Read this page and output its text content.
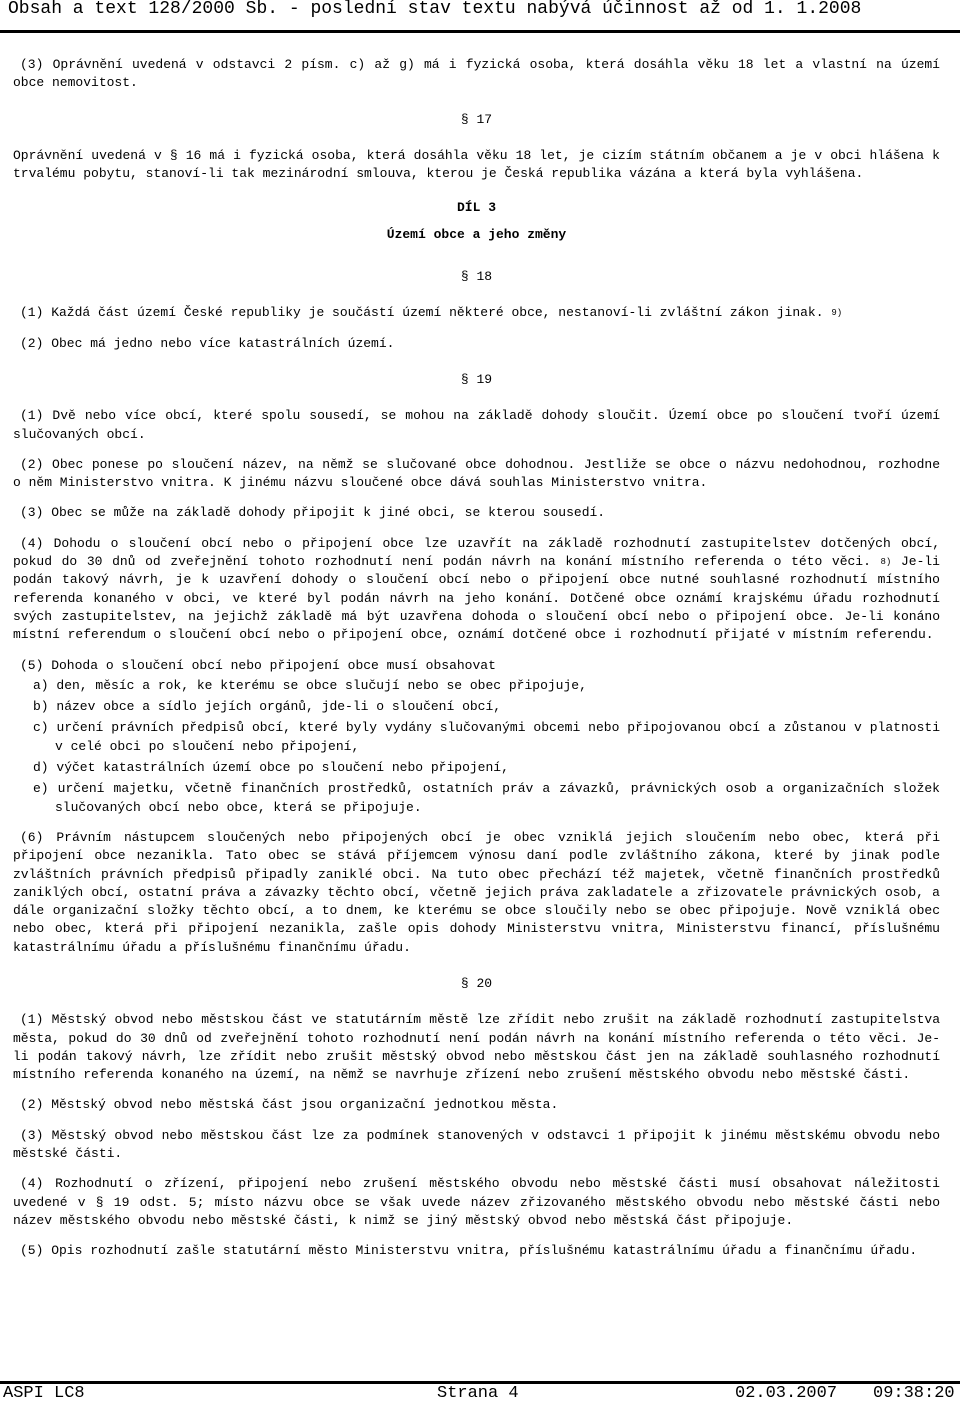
Obsah a text 128/2000 Sb. - poslední stav textu nabývá účinnost až od 1. 1.2008

(3) Oprávnění uvedená v odstavci 2 písm. c) až g) má i fyzická osoba, která dosáhla věku 18 let a vlastní na území obce nemovitost.

§ 17

Oprávnění uvedená v § 16 má i fyzická osoba, která dosáhla věku 18 let, je cizím státním občanem a je v obci hlášena k trvalému pobytu, stanoví-li tak mezinárodní smlouva, kterou je Česká republika vázána a která byla vyhlášena.

DÍL 3
Území obce a jeho změny
§ 18

(1) Každá část území České republiky je součástí území některé obce, nestanoví-li zvláštní zákon jinak. 9)

(2) Obec má jedno nebo více katastrálních území.

§ 19

(1) Dvě nebo více obcí, které spolu sousedí, se mohou na základě dohody sloučit. Území obce po sloučení tvoří území slučovaných obcí.

(2) Obec ponese po sloučení název, na němž se slučované obce dohodnou. Jestliže se obce o názvu nedohodnou, rozhodne o něm Ministerstvo vnitra. K jinému názvu sloučené obce dává souhlas Ministerstvo vnitra.

(3) Obec se může na základě dohody připojit k jiné obci, se kterou sousedí.

(4) Dohodu o sloučení obcí nebo o připojení obce lze uzavřít na základě rozhodnutí zastupitelstev dotčených obcí, pokud do 30 dnů od zveřejnění tohoto rozhodnutí není podán návrh na konání místního referenda o této věci. 8) Je-li podán takový návrh, je k uzavření dohody o sloučení obcí nebo o připojení obce nutné souhlasné rozhodnutí místního referenda konaného v obci, ve které byl podán návrh na jeho konání. Dotčené obce oznámí krajskému úřadu rozhodnutí svých zastupitelstev, na jejichž základě má být uzavřena dohoda o sloučení obcí nebo o připojení obce. Je-li konáno místní referendum o sloučení obcí nebo o připojení obce, oznámí dotčené obce i rozhodnutí přijaté v místním referendu.

(5) Dohoda o sloučení obcí nebo připojení obce musí obsahovat

a) den, měsíc a rok, ke kterému se obce slučují nebo se obec připojuje,
b) název obce a sídlo jejích orgánů, jde-li o sloučení obcí,
c) určení právních předpisů obcí, které byly vydány slučovanými obcemi nebo připojovanou obcí a zůstanou v platnosti v celé obci po sloučení nebo připojení,
d) výčet katastrálních území obce po sloučení nebo připojení,
e) určení majetku, včetně finančních prostředků, ostatních práv a závazků, právnických osob a organizačních složek slučovaných obcí nebo obce, která se připojuje.

(6) Právním nástupcem sloučených nebo připojených obcí je obec vzniklá jejich sloučením nebo obec, která při připojení obce nezanikla. Tato obec se stává příjemcem výnosu daní podle zvláštního zákona, které by jinak podle zvláštních právních předpisů připadly zaniklé obci. Na tuto obec přechází též majetek, včetně finančních prostředků zaniklých obcí, ostatní práva a závazky těchto obcí, včetně jejich práva zakladatele a zřizovatele právnických osob, a dále organizační složky těchto obcí, a to dnem, ke kterému se obce sloučily nebo se obec připojuje. Nově vzniklá obec nebo obec, která při připojení nezanikla, zašle opis dohody Ministerstvu vnitra, Ministerstvu financí, příslušnému katastrálnímu úřadu a příslušnému finančnímu úřadu.

§ 20

(1) Městský obvod nebo městskou část ve statutárním městě lze zřídit nebo zrušit na základě rozhodnutí zastupitelstva města, pokud do 30 dnů od zveřejnění tohoto rozhodnutí není podán návrh na konání místního referenda o této věci. Je-li podán takový návrh, lze zřídit nebo zrušit městský obvod nebo městskou část jen na základě souhlasného rozhodnutí místního referenda konaného na území, na němž se navrhuje zřízení nebo zrušení městského obvodu nebo městské části.

(2) Městský obvod nebo městská část jsou organizační jednotkou města.

(3) Městský obvod nebo městskou část lze za podmínek stanovených v odstavci 1 připojit k jinému městskému obvodu nebo městské části.

(4) Rozhodnutí o zřízení, připojení nebo zrušení městského obvodu nebo městské části musí obsahovat náležitosti uvedené v § 19 odst. 5; místo názvu obce se však uvede název zřizovaného městského obvodu nebo městské části nebo název městského obvodu nebo městské části, k nimž se jiný městský obvod nebo městská část připojuje.

(5) Opis rozhodnutí zašle statutární město Ministerstvu vnitra, příslušnému katastrálnímu úřadu a finančnímu úřadu.

ASPI LC8	Strana 4	02.03.2007 09:38:20
